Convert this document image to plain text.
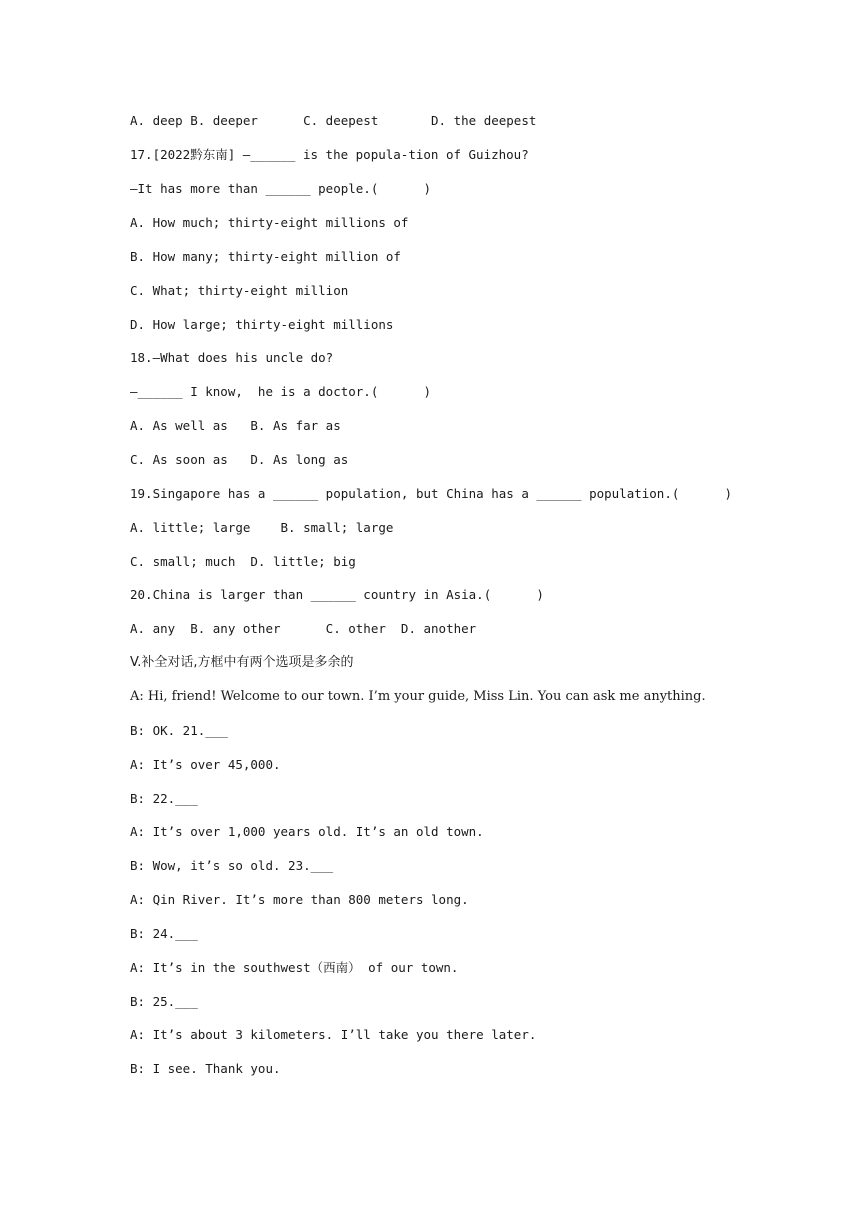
A. deep B. deeper      C. deepest       D. the deepest

17.[2022黔东南] —______ is the popula-tion of Guizhou?

—It has more than ______ people.(      )

A. How much; thirty-eight millions of

B. How many; thirty-eight million of

C. What; thirty-eight million

D. How large; thirty-eight millions

18.—What does his uncle do?

—______ I know,  he is a doctor.(      )

A. As well as   B. As far as

C. As soon as   D. As long as

19.Singapore has a ______ population, but China has a ______ population.(      )

A. little; large    B. small; large

C. small; much  D. little; big

20.China is larger than ______ country in Asia.(      )

A. any  B. any other      C. other  D. another

V.补全对话,方框中有两个选项是多余的

A: Hi, friend! Welcome to our town. I’m your guide, Miss Lin. You can ask me anything.

B: OK. 21.___

A: It’s over 45,000.

B: 22.___

A: It’s over 1,000 years old. It’s an old town.

B: Wow, it’s so old. 23.___

A: Qin River. It’s more than 800 meters long.

B: 24.___

A: It’s in the southwest（西南） of our town.

B: 25.___

A: It’s about 3 kilometers. I’ll take you there later.

B: I see. Thank you.
